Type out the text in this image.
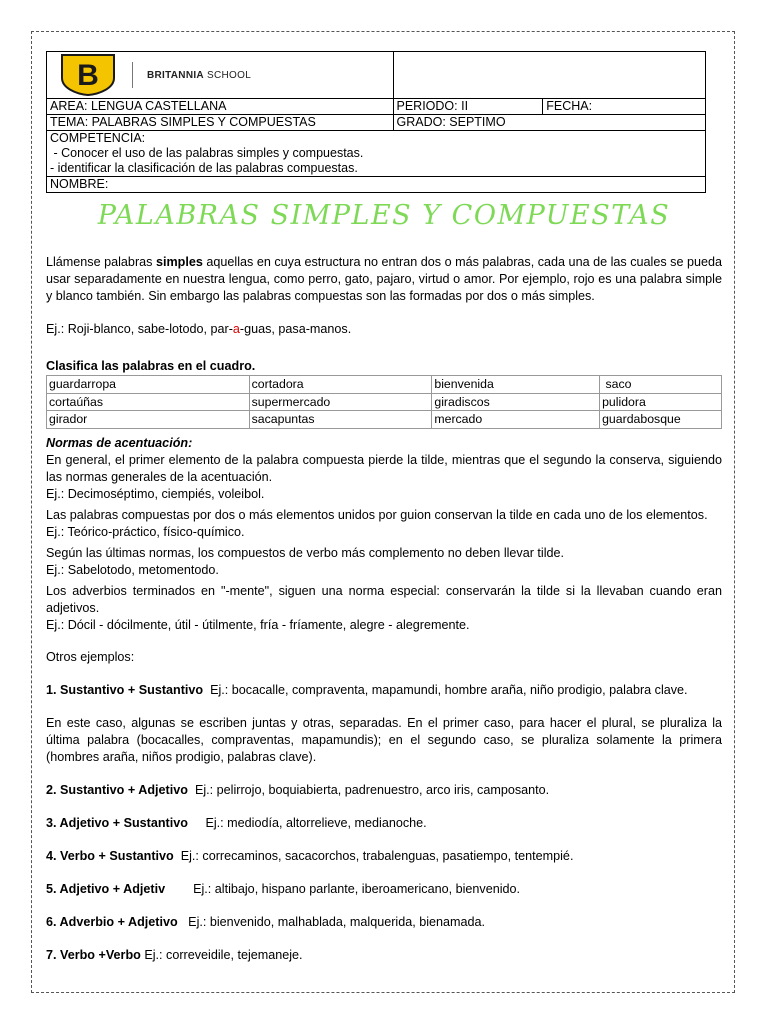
B BRITANNIA SCHOOL		

AREA: LENGUA CASTELLANA	PERIODO: II	FECHA:
TEMA: PALABRAS SIMPLES Y COMPUESTAS	GRADO: SEPTIMO	

COMPETENCIA:
- Conocer el uso de las palabras simples y compuestas.
- identificar la clasificación de las palabras compuestas.		

NOMBRE:		
PALABRAS SIMPLES Y COMPUESTAS

Llámense palabras simples aquellas en cuya estructura no entran dos o más palabras, cada una de las cuales se pueda usar separadamente en nuestra lengua, como perro, gato, pajaro, virtud o amor. Por ejemplo, rojo es una palabra simple y blanco también. Sin embargo las palabras compuestas son las formadas por dos o más simples.

Ej.: Roji-blanco, sabe-lotodo, par-a-guas, pasa-manos.

Clasifica las palabras en el cuadro.

guardarropa	cortadora	bienvenida	saco
cortaúñas	supermercado	giradiscos	pulidora
girador	sacapuntas	mercado	guardabosque

Normas de acentuación:

En general, el primer elemento de la palabra compuesta pierde la tilde, mientras que el segundo la conserva, siguiendo las normas generales de la acentuación.

Ej.: Decimoséptimo, ciempiés, voleibol.

Las palabras compuestas por dos o más elementos unidos por guion conservan la tilde en cada uno de los elementos.

Ej.: Teórico-práctico, físico-químico.

Según las últimas normas, los compuestos de verbo más complemento no deben llevar tilde.

Ej.: Sabelotodo, metomentodo.

Los adverbios terminados en "-mente", siguen una norma especial: conservarán la tilde si la llevaban cuando eran adjetivos.

Ej.: Dócil - dócilmente, útil - útilmente, fría - fríamente, alegre - alegremente.

Otros ejemplos:

1. Sustantivo + Sustantivo  Ej.: bocacalle, compraventa, mapamundi, hombre araña, niño prodigio, palabra clave.

En este caso, algunas se escriben juntas y otras, separadas. En el primer caso, para hacer el plural, se pluraliza la última palabra (bocacalles, compraventas, mapamundis); en el segundo caso, se pluraliza solamente la primera (hombres araña, niños prodigio, palabras clave).

2. Sustantivo + Adjetivo  Ej.: pelirrojo, boquiabierta, padrenuestro, arco iris, camposanto.

3. Adjetivo + Sustantivo     Ej.: mediodía, altorrelieve, medianoche.

4. Verbo + Sustantivo  Ej.: correcaminos, sacacorchos, trabalenguas, pasatiempo, tentempié.

5. Adjetivo + Adjetiv        Ej.: altibajo, hispano parlante, iberoamericano, bienvenido.

6. Adverbio + Adjetivo   Ej.: bienvenido, malhablada, malquerida, bienamada.

7. Verbo +Verbo Ej.: correveidile, tejemaneje.
